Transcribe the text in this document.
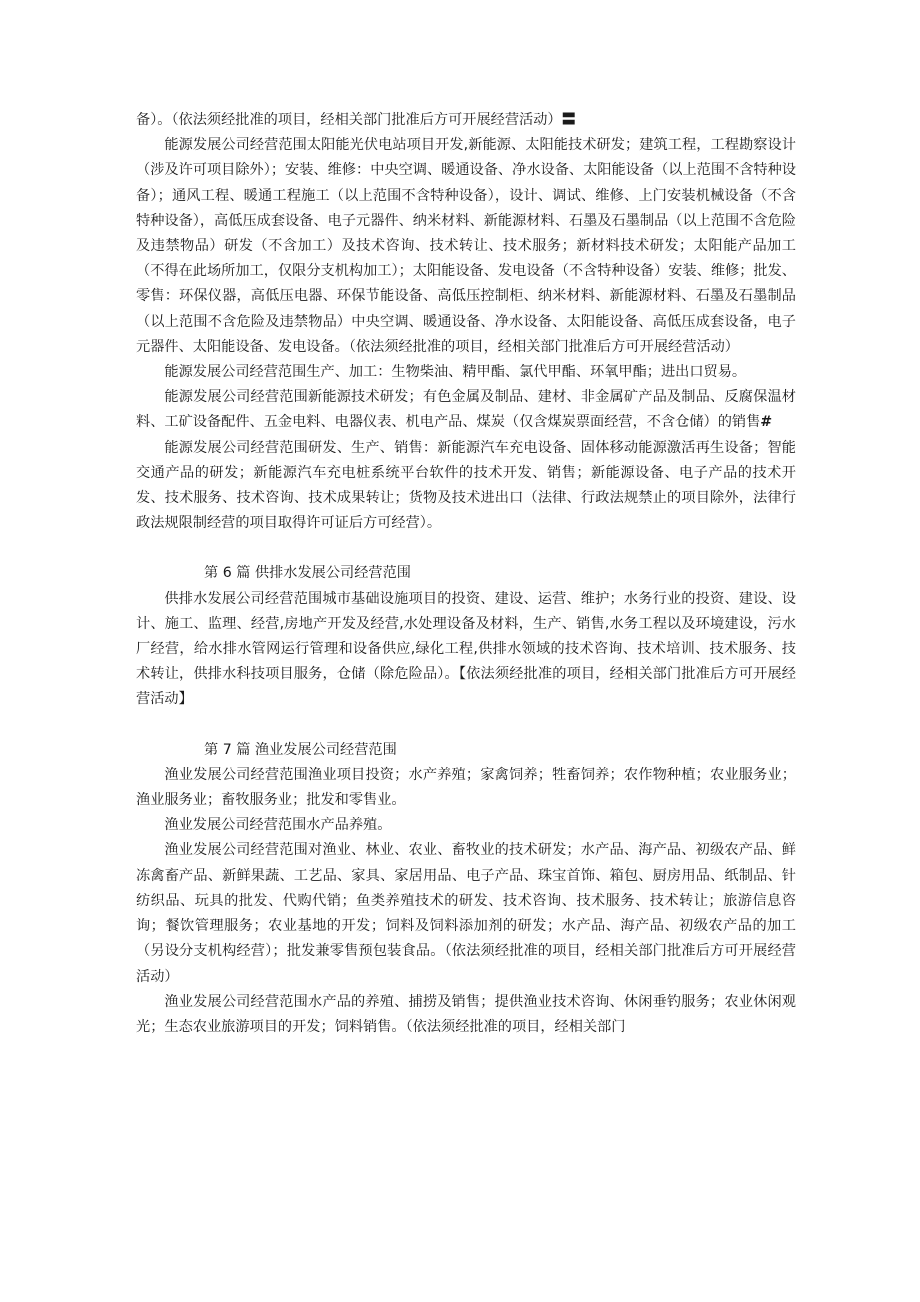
备）。（依法须经批准的项目，经相关部门批准后方可开展经营活动）〓

能源发展公司经营范围太阳能光伏电站项目开发,新能源、太阳能技术研发；建筑工程，工程勘察设计（涉及许可项目除外）；安装、维修：中央空调、暖通设备、净水设备、太阳能设备（以上范围不含特种设备）；通风工程、暖通工程施工（以上范围不含特种设备），设计、调试、维修、上门安装机械设备（不含特种设备），高低压成套设备、电子元器件、纳米材料、新能源材料、石墨及石墨制品（以上范围不含危险及违禁物品）研发（不含加工）及技术咨询、技术转让、技术服务；新材料技术研发；太阳能产品加工（不得在此场所加工，仅限分支机构加工）；太阳能设备、发电设备（不含特种设备）安装、维修；批发、零售：环保仪器，高低压电器、环保节能设备、高低压控制柜、纳米材料、新能源材料、石墨及石墨制品（以上范围不含危险及违禁物品）中央空调、暖通设备、净水设备、太阳能设备、高低压成套设备，电子元器件、太阳能设备、发电设备。（依法须经批准的项目，经相关部门批准后方可开展经营活动）

能源发展公司经营范围生产、加工：生物柴油、精甲酯、氯代甲酯、环氧甲酯；进出口贸易。

能源发展公司经营范围新能源技术研发；有色金属及制品、建材、非金属矿产品及制品、反腐保温材料、工矿设备配件、五金电料、电器仪表、机电产品、煤炭（仅含煤炭票面经营，不含仓储）的销售#

能源发展公司经营范围研发、生产、销售：新能源汽车充电设备、固体移动能源激活再生设备；智能交通产品的研发；新能源汽车充电桩系统平台软件的技术开发、销售；新能源设备、电子产品的技术开发、技术服务、技术咨询、技术成果转让；货物及技术进出口（法律、行政法规禁止的项目除外，法律行政法规限制经营的项目取得许可证后方可经营）。

第 6 篇 供排水发展公司经营范围

供排水发展公司经营范围城市基础设施项目的投资、建设、运营、维护；水务行业的投资、建设、设计、施工、监理、经营,房地产开发及经营,水处理设备及材料，生产、销售,水务工程以及环境建设，污水厂经营，给水排水管网运行管理和设备供应,绿化工程,供排水领域的技术咨询、技术培训、技术服务、技术转让，供排水科技项目服务，仓储（除危险品）。【依法须经批准的项目，经相关部门批准后方可开展经营活动】

第 7 篇 渔业发展公司经营范围

渔业发展公司经营范围渔业项目投资；水产养殖；家禽饲养；牲畜饲养；农作物种植；农业服务业；渔业服务业；畜牧服务业；批发和零售业。

渔业发展公司经营范围水产品养殖。

渔业发展公司经营范围对渔业、林业、农业、畜牧业的技术研发；水产品、海产品、初级农产品、鲜冻禽畜产品、新鲜果蔬、工艺品、家具、家居用品、电子产品、珠宝首饰、箱包、厨房用品、纸制品、针纺织品、玩具的批发、代购代销；鱼类养殖技术的研发、技术咨询、技术服务、技术转让；旅游信息咨询；餐饮管理服务；农业基地的开发；饲料及饲料添加剂的研发；水产品、海产品、初级农产品的加工（另设分支机构经营）；批发兼零售预包装食品。（依法须经批准的项目，经相关部门批准后方可开展经营活动）

渔业发展公司经营范围水产品的养殖、捕捞及销售；提供渔业技术咨询、休闲垂钓服务；农业休闲观光；生态农业旅游项目的开发；饲料销售。（依法须经批准的项目，经相关部门
